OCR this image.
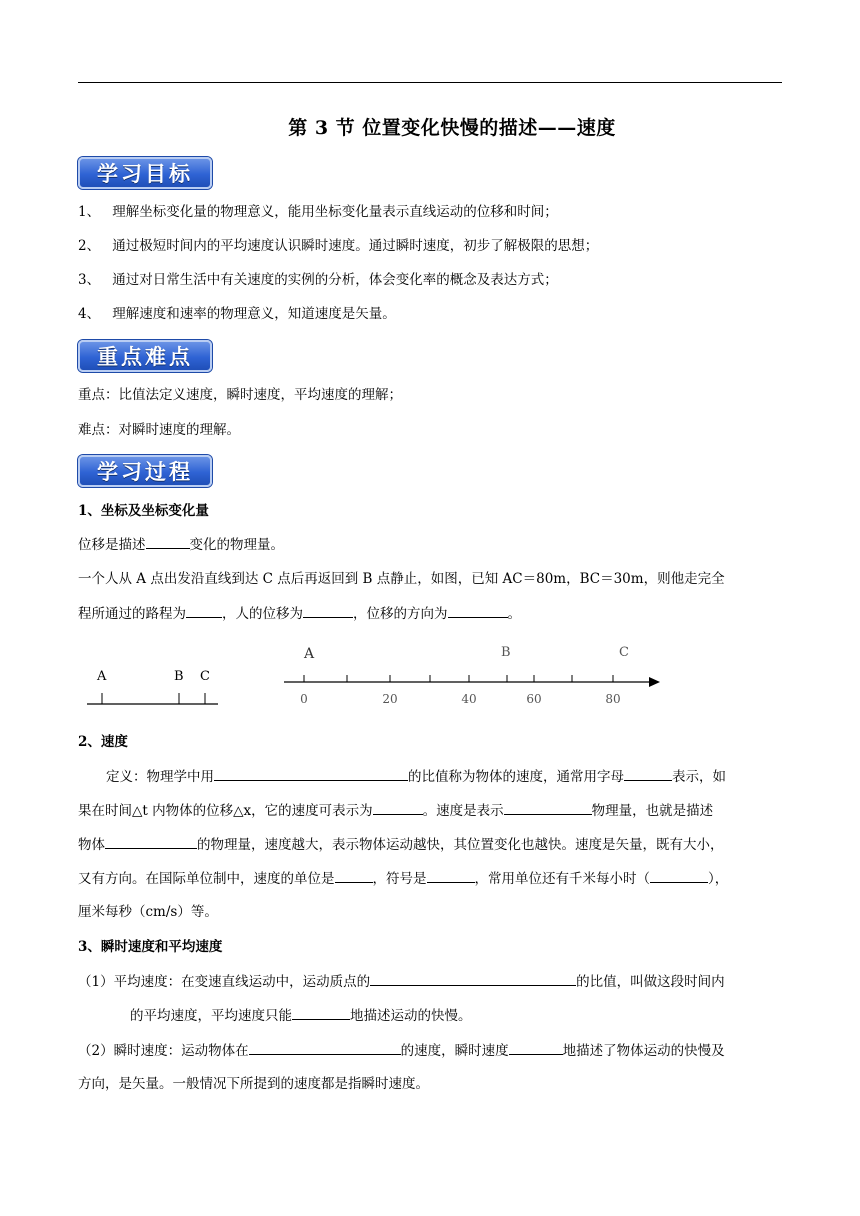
第 3 节 位置变化快慢的描述——速度
学习目标
1、 理解坐标变化量的物理意义，能用坐标变化量表示直线运动的位移和时间；
2、 通过极短时间内的平均速度认识瞬时速度。通过瞬时速度，初步了解极限的思想；
3、 通过对日常生活中有关速度的实例的分析，体会变化率的概念及表达方式；
4、 理解速度和速率的物理意义，知道速度是矢量。
重点难点
重点：比值法定义速度，瞬时速度，平均速度的理解；
难点：对瞬时速度的理解。
学习过程
1、坐标及坐标变化量
位移是描述	变化的物理量。
一个人从 A 点出发沿直线到达 C 点后再返回到 B 点静止，如图，已知 AC＝80m，BC＝30m，则他走完全
程所通过的路程为	，人的位移为	，位移的方向为	。
A	B C
A	B	C
0	20	40	60	80
2、速度
定义：物理学中用	的比值称为物体的速度，通常用字母	表示，如
果在时间△t 内物体的位移△x，它的速度可表示为	。速度是表示	物理量，也就是描述
物体	的物理量，速度越大，表示物体运动越快，其位置变化也越快。速度是矢量，既有大小，
又有方向。在国际单位制中，速度的单位是	，符号是	，常用单位还有千米每小时（	），
厘米每秒（cm/s）等。
3、瞬时速度和平均速度
（1）平均速度：在变速直线运动中，运动质点的	的比值，叫做这段时间内
的平均速度，平均速度只能	地描述运动的快慢。
（2）瞬时速度：运动物体在	的速度，瞬时速度	地描述了物体运动的快慢及
方向，是矢量。一般情况下所提到的速度都是指瞬时速度。
